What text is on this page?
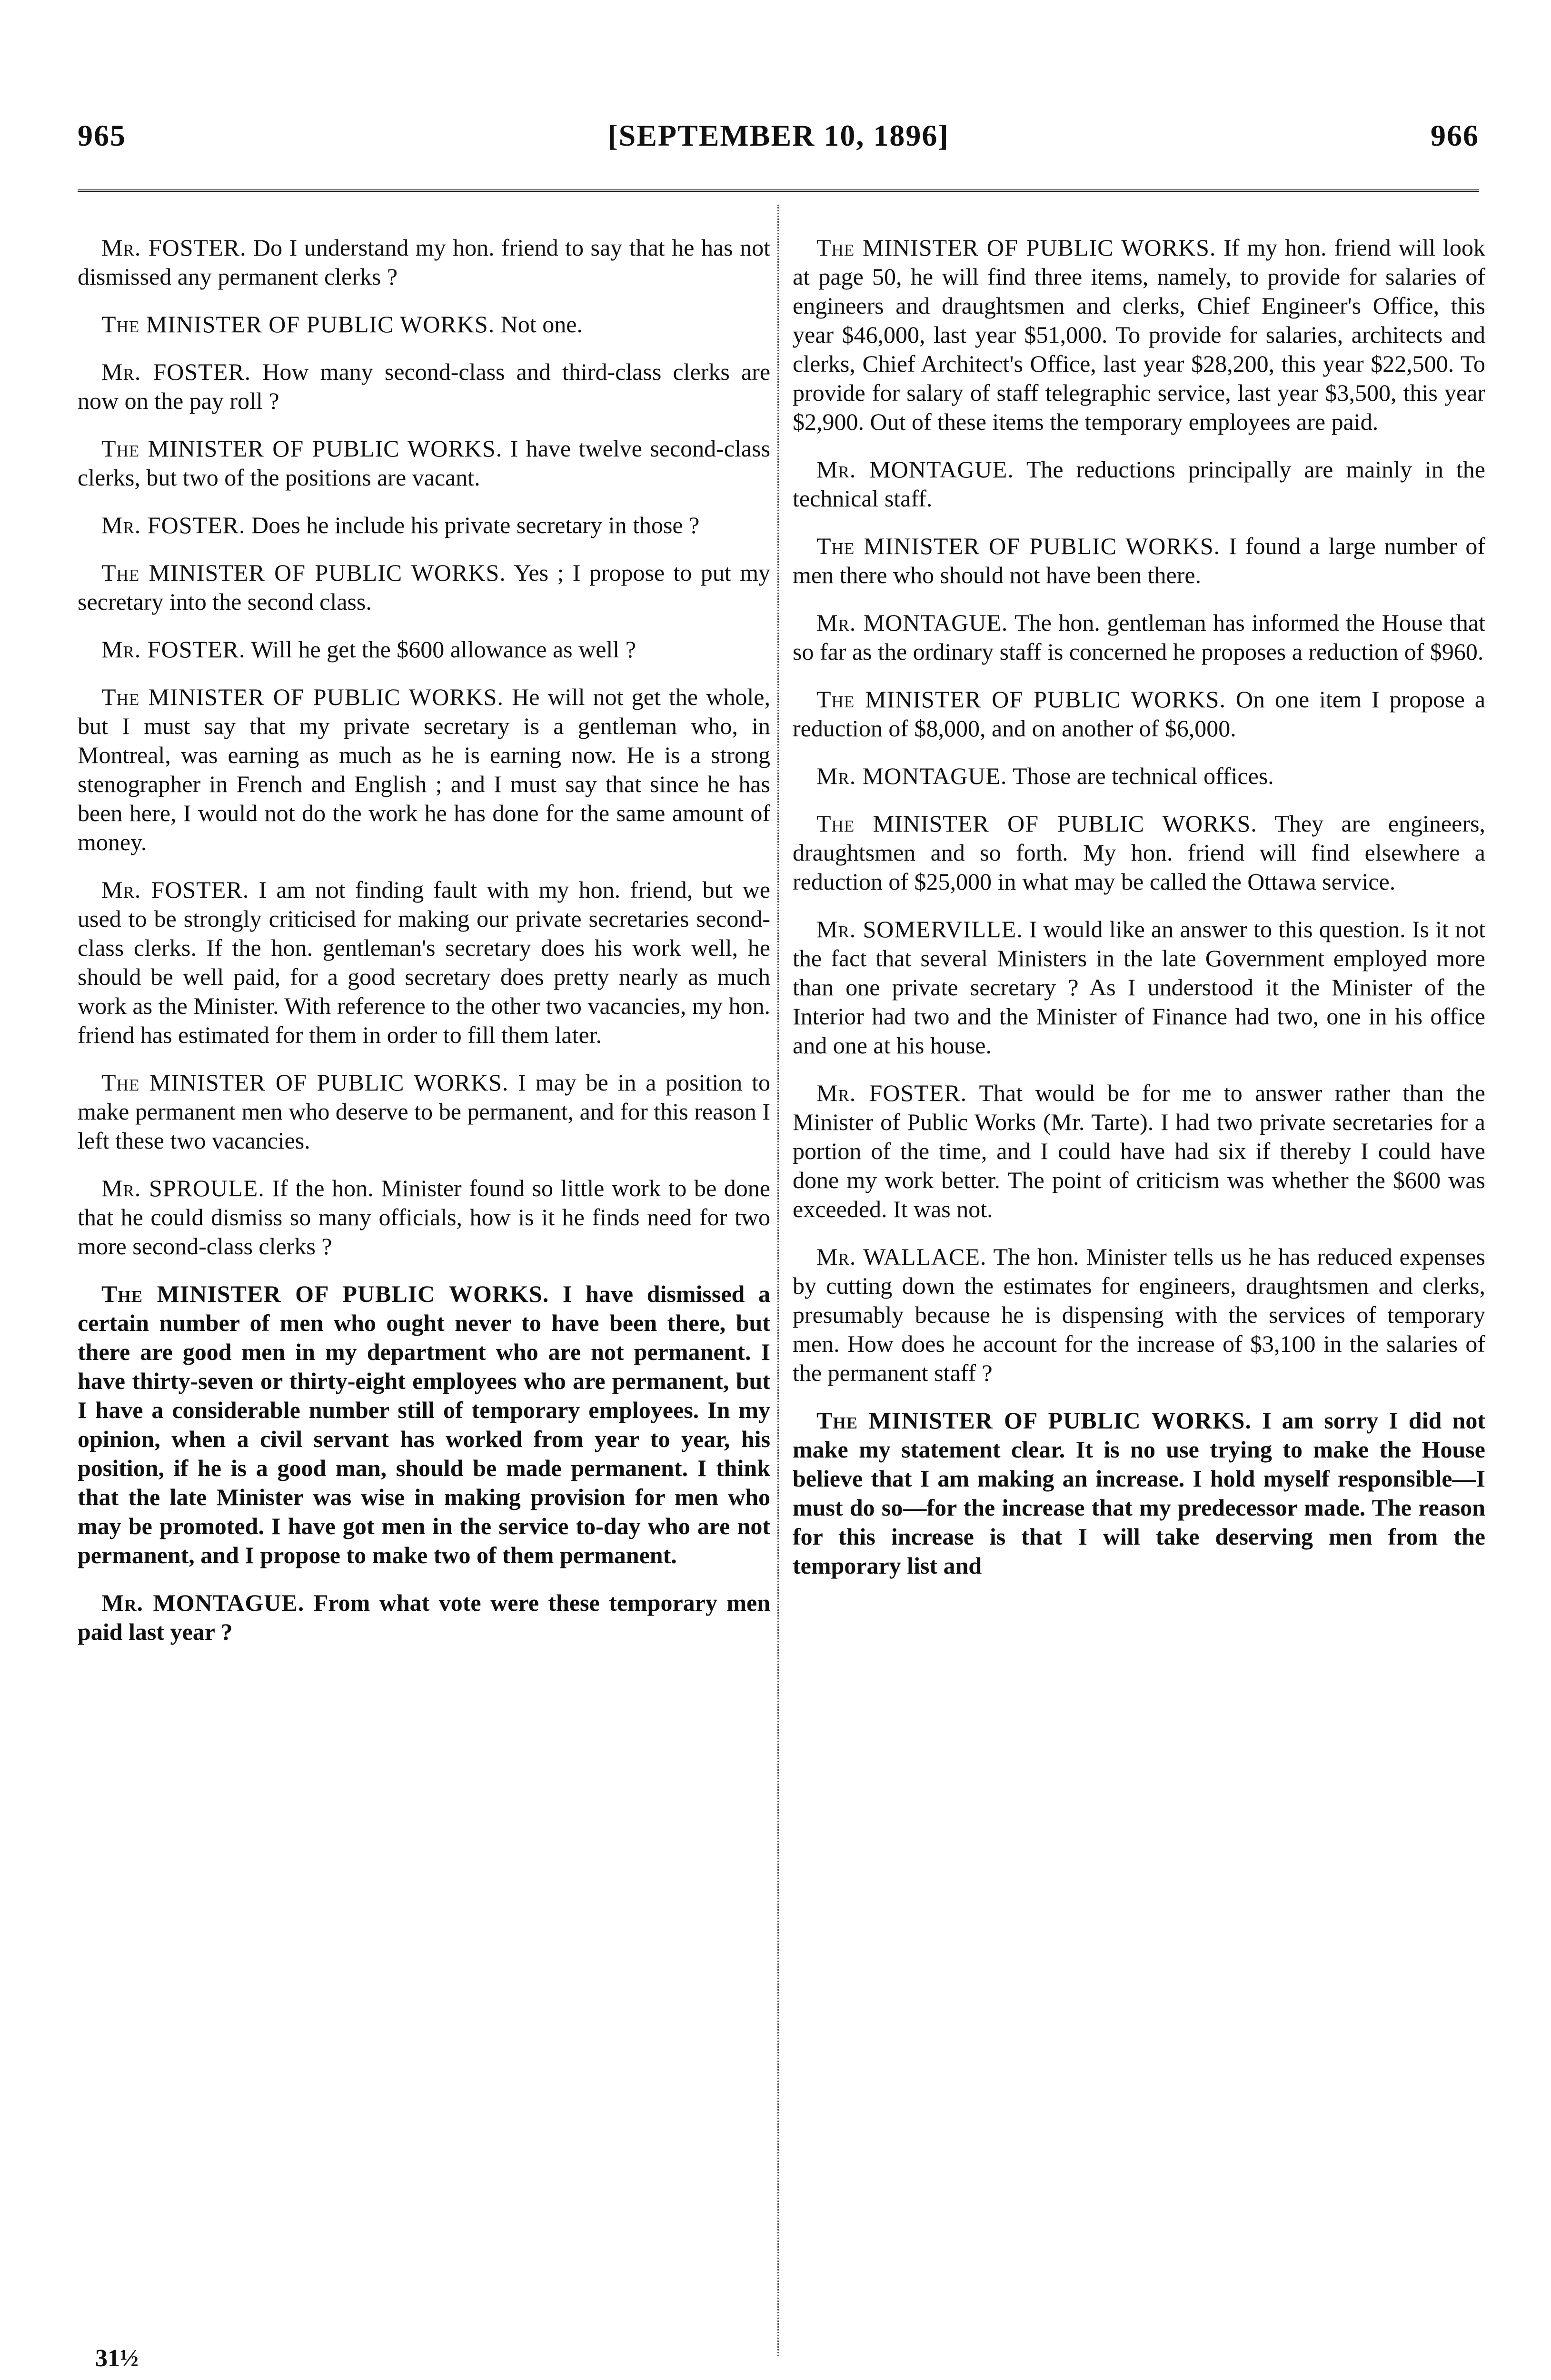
965	[SEPTEMBER 10, 1896]	966

Mr. FOSTER. Do I understand my hon. friend to say that he has not dismissed any permanent clerks ?

The MINISTER OF PUBLIC WORKS. Not one.

Mr. FOSTER. How many second-class and third-class clerks are now on the pay roll ?

The MINISTER OF PUBLIC WORKS. I have twelve second-class clerks, but two of the positions are vacant.

Mr. FOSTER. Does he include his private secretary in those ?

The MINISTER OF PUBLIC WORKS. Yes ; I propose to put my secretary into the second class.

Mr. FOSTER. Will he get the $600 allowance as well ?

The MINISTER OF PUBLIC WORKS. He will not get the whole, but I must say that my private secretary is a gentleman who, in Montreal, was earning as much as he is earning now. He is a strong stenographer in French and English ; and I must say that since he has been here, I would not do the work he has done for the same amount of money.

Mr. FOSTER. I am not finding fault with my hon. friend, but we used to be strongly criticised for making our private secretaries second-class clerks. If the hon. gentleman's secretary does his work well, he should be well paid, for a good secretary does pretty nearly as much work as the Minister. With reference to the other two vacancies, my hon. friend has estimated for them in order to fill them later.

The MINISTER OF PUBLIC WORKS. I may be in a position to make permanent men who deserve to be permanent, and for this reason I left these two vacancies.

Mr. SPROULE. If the hon. Minister found so little work to be done that he could dismiss so many officials, how is it he finds need for two more second-class clerks ?

The MINISTER OF PUBLIC WORKS. I have dismissed a certain number of men who ought never to have been there, but there are good men in my department who are not permanent. I have thirty-seven or thirty-eight employees who are permanent, but I have a considerable number still of temporary employees. In my opinion, when a civil servant has worked from year to year, his position, if he is a good man, should be made permanent. I think that the late Minister was wise in making provision for men who may be promoted. I have got men in the service to-day who are not permanent, and I propose to make two of them permanent.

Mr. MONTAGUE. From what vote were these temporary men paid last year ?

The MINISTER OF PUBLIC WORKS. If my hon. friend will look at page 50, he will find three items, namely, to provide for salaries of engineers and draughtsmen and clerks, Chief Engineer's Office, this year $46,000, last year $51,000. To provide for salaries, architects and clerks, Chief Architect's Office, last year $28,200, this year $22,500. To provide for salary of staff telegraphic service, last year $3,500, this year $2,900. Out of these items the temporary employees are paid.

Mr. MONTAGUE. The reductions principally are mainly in the technical staff.

The MINISTER OF PUBLIC WORKS. I found a large number of men there who should not have been there.

Mr. MONTAGUE. The hon. gentleman has informed the House that so far as the ordinary staff is concerned he proposes a reduction of $960.

The MINISTER OF PUBLIC WORKS. On one item I propose a reduction of $8,000, and on another of $6,000.

Mr. MONTAGUE. Those are technical offices.

The MINISTER OF PUBLIC WORKS. They are engineers, draughtsmen and so forth. My hon. friend will find elsewhere a reduction of $25,000 in what may be called the Ottawa service.

Mr. SOMERVILLE. I would like an answer to this question. Is it not the fact that several Ministers in the late Government employed more than one private secretary ? As I understood it the Minister of the Interior had two and the Minister of Finance had two, one in his office and one at his house.

Mr. FOSTER. That would be for me to answer rather than the Minister of Public Works (Mr. Tarte). I had two private secretaries for a portion of the time, and I could have had six if thereby I could have done my work better. The point of criticism was whether the $600 was exceeded. It was not.

Mr. WALLACE. The hon. Minister tells us he has reduced expenses by cutting down the estimates for engineers, draughtsmen and clerks, presumably because he is dispensing with the services of temporary men. How does he account for the increase of $3,100 in the salaries of the permanent staff ?

The MINISTER OF PUBLIC WORKS. I am sorry I did not make my statement clear. It is no use trying to make the House believe that I am making an increase. I hold myself responsible—I must do so—for the increase that my predecessor made. The reason for this increase is that I will take deserving men from the temporary list and

31½
